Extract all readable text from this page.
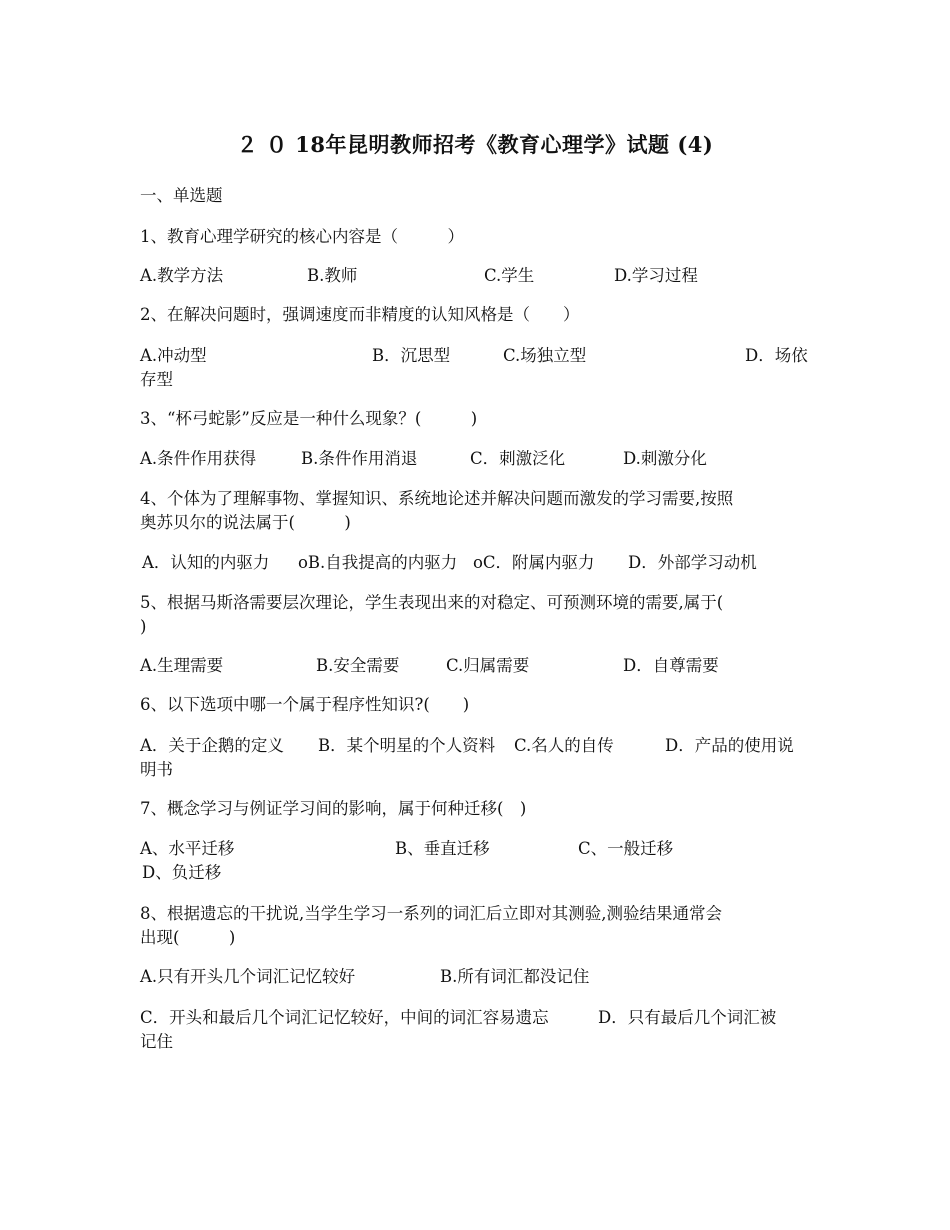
２ ０ 18年昆明教师招考《教育心理学》试题 (4)
一、单选题
1、教育心理学研究的核心内容是（　　　）
A.教学方法	B.教师	C.学生	D.学习过程
2、在解决问题时，强调速度而非精度的认知风格是（　　）
A.冲动型	B．沉思型	C.场独立型	D．场依
存型
3、“杯弓蛇影”反应是一种什么现象？(　　　)
A.条件作用获得	B.条件作用消退	C．刺激泛化	D.刺激分化
4、个体为了理解事物、掌握知识、系统地论述并解决问题而激发的学习需要,按照
奥苏贝尔的说法属于(　　　)
A．认知的内驱力 oB.自我提高的内驱力 oC．附属内驱力 D．外部学习动机
5、根据马斯洛需要层次理论，学生表现出来的对稳定、可预测环境的需要,属于(
)
A.生理需要	B.安全需要	C.归属需要	D．自尊需要
6、以下选项中哪一个属于程序性知识?(　　)
A．关于企鹅的定义 B．某个明星的个人资料 C.名人的自传	D．产品的使用说
明书
7、概念学习与例证学习间的影响，属于何种迁移(　)
A、水平迁移	B、垂直迁移	C、一般迁移
D、负迁移
8、根据遗忘的干扰说,当学生学习一系列的词汇后立即对其测验,测验结果通常会
出现(　　　)
A.只有开头几个词汇记忆较好	B.所有词汇都没记住
C．开头和最后几个词汇记忆较好，中间的词汇容易遗忘	D．只有最后几个词汇被
记住
